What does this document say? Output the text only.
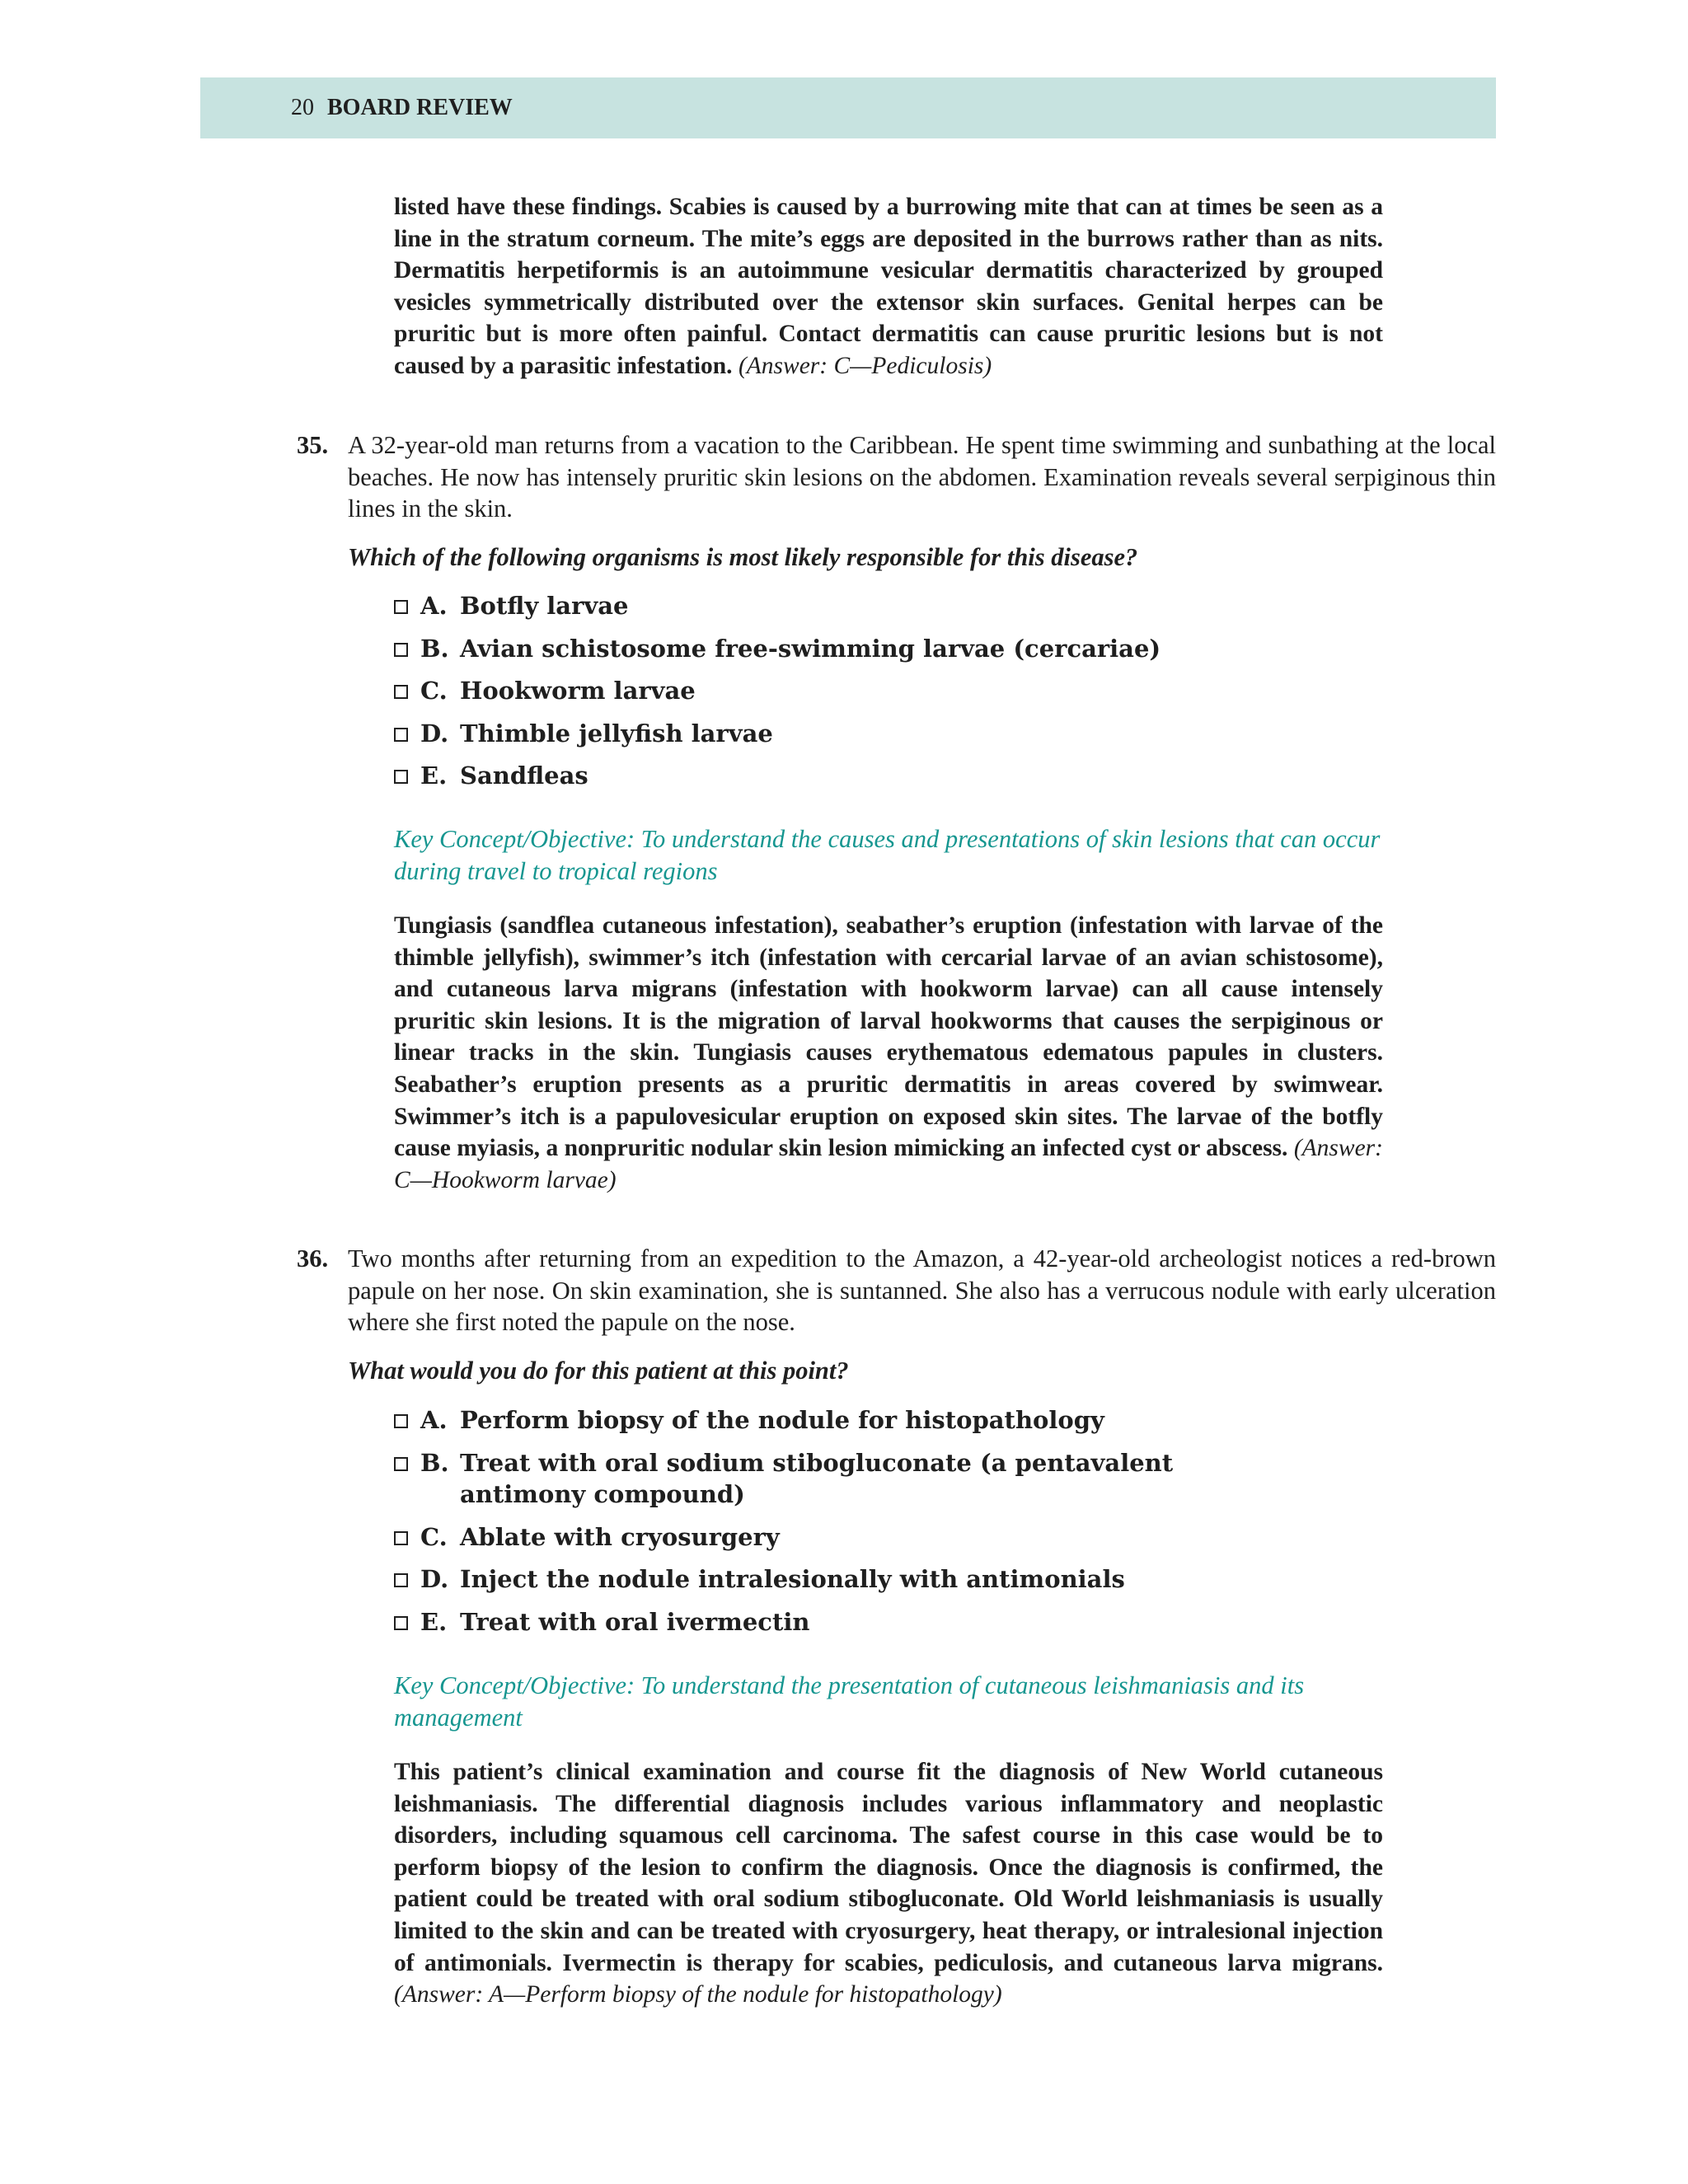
20 BOARD REVIEW
listed have these findings. Scabies is caused by a burrowing mite that can at times be seen as a line in the stratum corneum. The mite’s eggs are deposited in the burrows rather than as nits. Dermatitis herpetiformis is an autoimmune vesicular dermatitis characterized by grouped vesicles symmetrically distributed over the extensor skin surfaces. Genital herpes can be pruritic but is more often painful. Contact dermatitis can cause pruritic lesions but is not caused by a parasitic infestation. (Answer: C—Pediculosis)
35. A 32-year-old man returns from a vacation to the Caribbean. He spent time swimming and sunbathing at the local beaches. He now has intensely pruritic skin lesions on the abdomen. Examination reveals several serpiginous thin lines in the skin.
Which of the following organisms is most likely responsible for this disease?
A. Botfly larvae
B. Avian schistosome free-swimming larvae (cercariae)
C. Hookworm larvae
D. Thimble jellyfish larvae
E. Sandfleas
Key Concept/Objective: To understand the causes and presentations of skin lesions that can occur during travel to tropical regions
Tungiasis (sandflea cutaneous infestation), seabather’s eruption (infestation with larvae of the thimble jellyfish), swimmer’s itch (infestation with cercarial larvae of an avian schistosome), and cutaneous larva migrans (infestation with hookworm larvae) can all cause intensely pruritic skin lesions. It is the migration of larval hookworms that causes the serpiginous or linear tracks in the skin. Tungiasis causes erythematous edematous papules in clusters. Seabather’s eruption presents as a pruritic dermatitis in areas covered by swimwear. Swimmer’s itch is a papulovesicular eruption on exposed skin sites. The larvae of the botfly cause myiasis, a nonpruritic nodular skin lesion mimicking an infected cyst or abscess. (Answer: C—Hookworm larvae)
36. Two months after returning from an expedition to the Amazon, a 42-year-old archeologist notices a red-brown papule on her nose. On skin examination, she is suntanned. She also has a verrucous nodule with early ulceration where she first noted the papule on the nose.
What would you do for this patient at this point?
A. Perform biopsy of the nodule for histopathology
B. Treat with oral sodium stibogluconate (a pentavalent antimony compound)
C. Ablate with cryosurgery
D. Inject the nodule intralesionally with antimonials
E. Treat with oral ivermectin
Key Concept/Objective: To understand the presentation of cutaneous leishmaniasis and its management
This patient’s clinical examination and course fit the diagnosis of New World cutaneous leishmaniasis. The differential diagnosis includes various inflammatory and neoplastic disorders, including squamous cell carcinoma. The safest course in this case would be to perform biopsy of the lesion to confirm the diagnosis. Once the diagnosis is confirmed, the patient could be treated with oral sodium stibogluconate. Old World leishmaniasis is usually limited to the skin and can be treated with cryosurgery, heat therapy, or intralesional injection of antimonials. Ivermectin is therapy for scabies, pediculosis, and cutaneous larva migrans. (Answer: A—Perform biopsy of the nodule for histopathology)
